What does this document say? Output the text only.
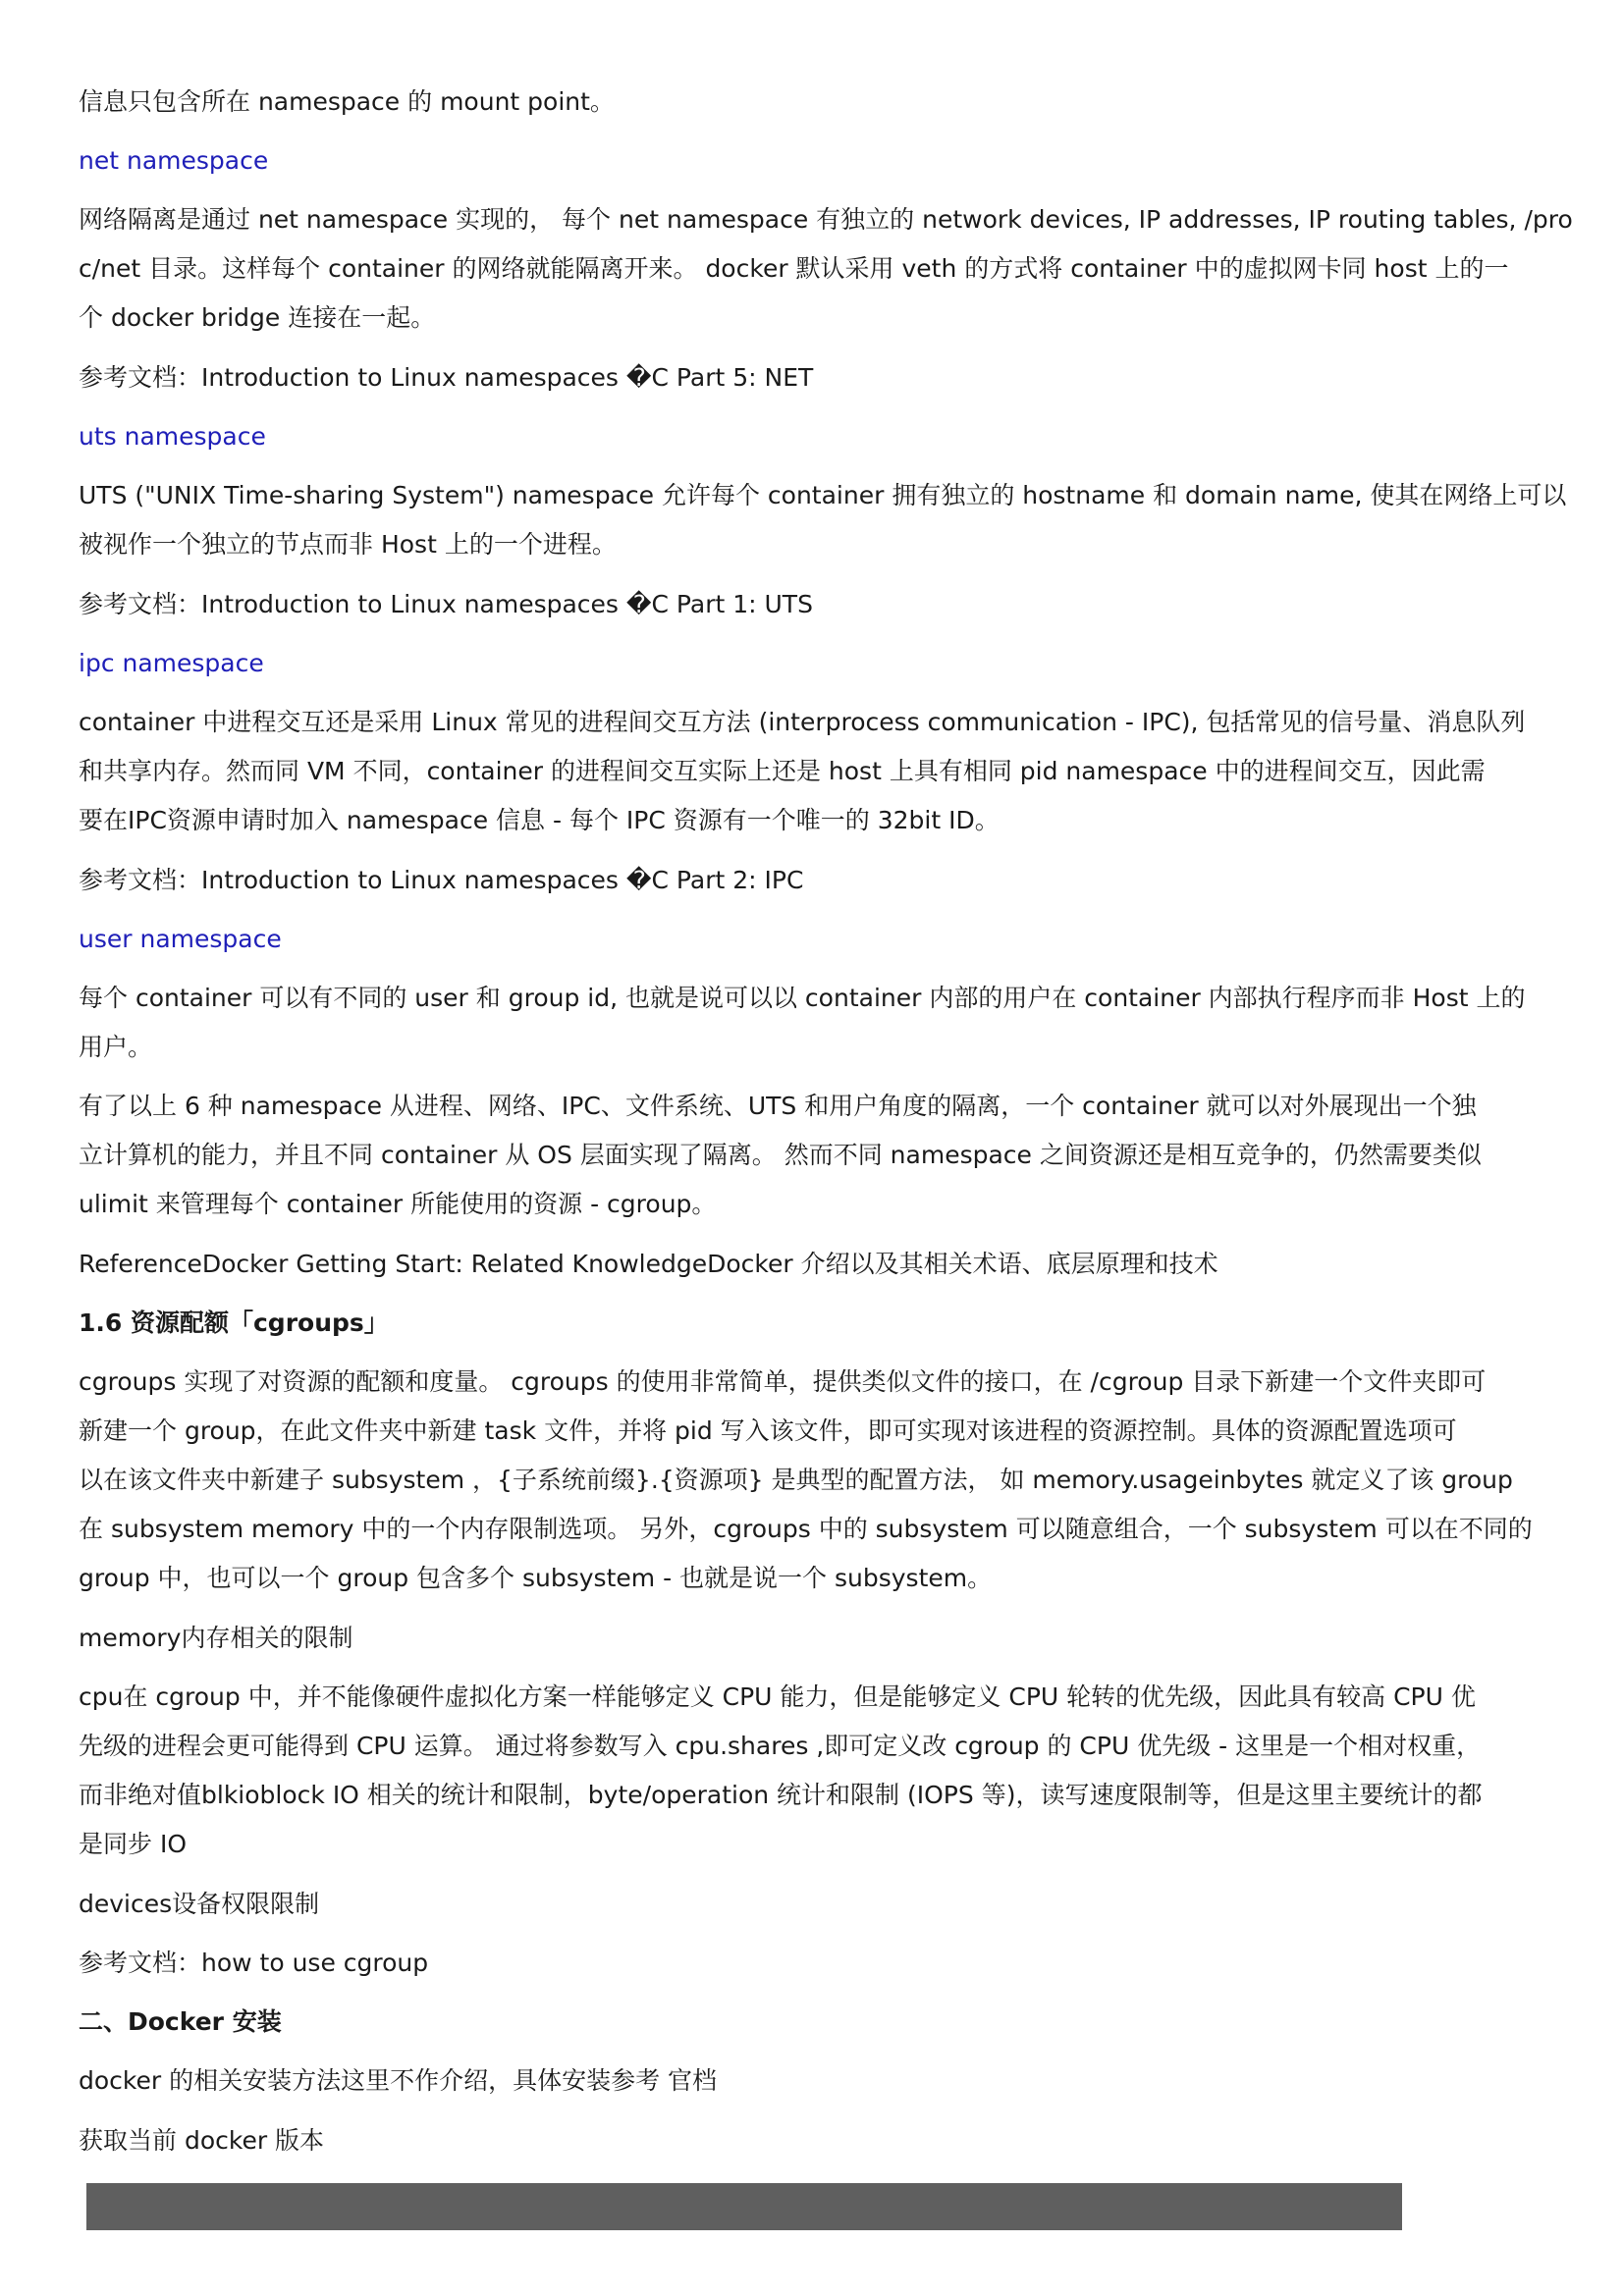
信息只包含所在 namespace 的 mount point。
net namespace
网络隔离是通过 net namespace 实现的， 每个 net namespace 有独立的 network devices, IP addresses, IP routing tables, /pro
c/net 目录。这样每个 container 的网络就能隔离开来。 docker 默认采用 veth 的方式将 container 中的虚拟网卡同 host 上的一
个 docker bridge 连接在一起。
参考文档：Introduction to Linux namespaces �C Part 5: NET
uts namespace
UTS ("UNIX Time-sharing System") namespace 允许每个 container 拥有独立的 hostname 和 domain name, 使其在网络上可以
被视作一个独立的节点而非 Host 上的一个进程。
参考文档：Introduction to Linux namespaces �C Part 1: UTS
ipc namespace
container 中进程交互还是采用 Linux 常见的进程间交互方法 (interprocess communication - IPC), 包括常见的信号量、消息队列
和共享内存。然而同 VM 不同，container 的进程间交互实际上还是 host 上具有相同 pid namespace 中的进程间交互，因此需
要在IPC资源申请时加入 namespace 信息 - 每个 IPC 资源有一个唯一的 32bit ID。
参考文档：Introduction to Linux namespaces �C Part 2: IPC
user namespace
每个 container 可以有不同的 user 和 group id, 也就是说可以以 container 内部的用户在 container 内部执行程序而非 Host 上的
用户。
有了以上 6 种 namespace 从进程、网络、IPC、文件系统、UTS 和用户角度的隔离，一个 container 就可以对外展现出一个独
立计算机的能力，并且不同 container 从 OS 层面实现了隔离。 然而不同 namespace 之间资源还是相互竞争的，仍然需要类似
ulimit 来管理每个 container 所能使用的资源 - cgroup。
ReferenceDocker Getting Start: Related KnowledgeDocker 介绍以及其相关术语、底层原理和技术
1.6 资源配额「cgroups」
cgroups 实现了对资源的配额和度量。 cgroups 的使用非常简单，提供类似文件的接口，在 /cgroup 目录下新建一个文件夹即可
新建一个 group，在此文件夹中新建 task 文件，并将 pid 写入该文件，即可实现对该进程的资源控制。具体的资源配置选项可
以在该文件夹中新建子 subsystem ，{子系统前缀}.{资源项} 是典型的配置方法， 如 memory.usageinbytes 就定义了该 group
在 subsystem memory 中的一个内存限制选项。 另外，cgroups 中的 subsystem 可以随意组合，一个 subsystem 可以在不同的
group 中，也可以一个 group 包含多个 subsystem - 也就是说一个 subsystem。
memory内存相关的限制
cpu在 cgroup 中，并不能像硬件虚拟化方案一样能够定义 CPU 能力，但是能够定义 CPU 轮转的优先级，因此具有较高 CPU 优
先级的进程会更可能得到 CPU 运算。 通过将参数写入 cpu.shares ,即可定义改 cgroup 的 CPU 优先级 - 这里是一个相对权重，
而非绝对值blkioblock IO 相关的统计和限制，byte/operation 统计和限制 (IOPS 等)，读写速度限制等，但是这里主要统计的都
是同步 IO
devices设备权限限制
参考文档：how to use cgroup
二、Docker 安装
docker 的相关安装方法这里不作介绍，具体安装参考 官档
获取当前 docker 版本
